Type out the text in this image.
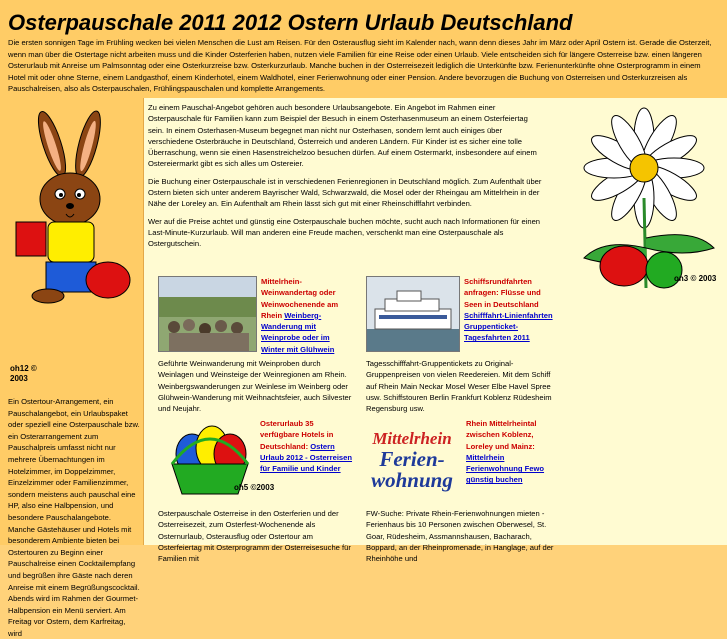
Osterpauschale 2011 2012 Ostern Urlaub Deutschland
Die ersten sonnigen Tage im Frühling wecken bei vielen Menschen die Lust am Reisen. Für den Osterausflug sieht im Kalender nach, wann denn dieses Jahr im März oder April Ostern ist. Gerade die Osterzeit, wenn man über die Ostertage nicht arbeiten muss und die Kinder Osterferien haben, nutzen viele Familien für eine Reise oder einen Urlaub. Viele entscheiden sich für längere Osterreise bzw. einen längeren Osterurlaub mit Anreise um Palmsonntag oder eine Osterkurzreise bzw. Osterkurzurlaub. Manche buchen in der Osterreisezeit lediglich die Unterkünfte bzw. Ferienunterkünfte ohne Osterprogramm in einem Hotel mit oder ohne Sterne, einem Landgasthof, einem Kinderhotel, einem Waldhotel, einer Ferienwohnung oder einer Pension. Andere bevorzugen die Buchung von Osterreisen und Osterkurzreisen als Pauschalreisen, also als Osterpauschalen, Frühlingspauschalen und komplette Arrangements.
oh12 ©
2003
Ein Ostertour-Arrangement, ein Pauschalangebot, ein Urlaubspaket oder speziell eine Osterpauschale bzw. ein Osterarrangement zum Pauschalpreis umfasst nicht nur mehrere Übernachtungen im Hotelzimmer, im Doppelzimmer, Einzelzimmer oder Familienzimmer, sondern meistens auch pauschal eine HP, also eine Halbpension, und besondere Pauschalangebote. Manche Gästehäuser und Hotels mit besonderem Ambiente bieten bei Ostertouren zu Beginn einer Pauschalreise einen Cocktailempfang und begrüßen ihre Gäste nach deren Anreise mit einem Begrüßungscocktail. Abends wird im Rahmen der Gourmet-Halbpension ein Menü serviert. Am Freitag vor Ostern, dem Karfreitag, wird

Zu einem Pauschal-Angebot gehören auch besondere Urlaubsangebote. Ein Angebot im Rahmen einer Osterpauschale für Familien kann zum Beispiel der Besuch in einem Osterhasenmuseum an einem Osterfeiertag sein. In einem Osterhasen-Museum begegnet man nicht nur Osterhasen, sondern lernt auch einiges über verschiedene Osterbräuche in Deutschland, Österreich und anderen Ländern. Für Kinder ist es sicher eine tolle Überraschung, wenn sie einen Hasenstreichelzoo besuchen dürfen. Auf einem Ostermarkt, insbesondere auf einem Ostereiermarkt gibt es sich alles um Ostereier.

Die Buchung einer Osterpauschale ist in verschiedenen Ferienregionen in Deutschland möglich. Zum Aufenthalt über Ostern bieten sich unter anderem Bayrischer Wald, Schwarzwald, die Mosel oder der Rheingau am Mittelrhein in der Nähe der Loreley an. Ein Aufenthalt am Rhein lässt sich gut mit einer Rheinschifffahrt verbinden.

Wer auf die Preise achtet und günstig eine Osterpauschale buchen möchte, sucht auch nach Informationen für einen Last-Minute-Kurzurlaub. Will man anderen eine Freude machen, verschenkt man eine Osterpauschale als Ostergutschein.

on3 © 2003
Mittelrhein-Weinwandertag oder Weinwochenende am Rhein Weinberg-Wanderung mit Weinprobe oder im Winter mit Glühwein
Geführte Weinwanderung mit Weinproben durch Weinlagen und Weinsteige der Weinregionen am Rhein. Weinbergswanderungen zur Weinlese im Weinberg oder Glühwein-Wanderung mit Weihnachtsfeier, auch Silvester und Neujahr.
Schiffsrundfahrten anfragen: Flüsse und Seen in Deutschland Schifffahrt-Linienfahrten Gruppenticket-Tagesfahrten 2011
Tagesschifffahrt-Gruppentickets zu Original-Gruppenpreisen von vielen Reedereien. Mit dem Schiff auf Rhein Main Neckar Mosel Weser Elbe Havel Spree usw. Schiffstouren Berlin Frankfurt Koblenz Rüdesheim Regensburg usw.
oh5 ©2003
Osterurlaub 35 verfügbare Hotels in Deutschland: Ostern Urlaub 2012 - Osterreisen für Familie und Kinder
Osterpauschale Osterreise in den Osterferien und der Osterreisezeit, zum Osterfest-Wochenende als Osternurlaub, Osterausflug oder Ostertour am Osterfeiertag mit Osterprogramm der Osterreisesuche für Familien mit
Mittelrhein
Ferien-
wohnung
Rhein Mittelrheintal zwischen Koblenz, Loreley und Mainz: Mittelrhein Ferienwohnung Fewo günstig buchen
FW-Suche: Private Rhein-Ferienwohnungen mieten - Ferienhaus bis 10 Personen zwischen Oberwesel, St. Goar, Rüdesheim, Assmannshausen, Bacharach, Boppard, an der Rheinpromenade, in Hanglage, auf der Rheinhöhe und
